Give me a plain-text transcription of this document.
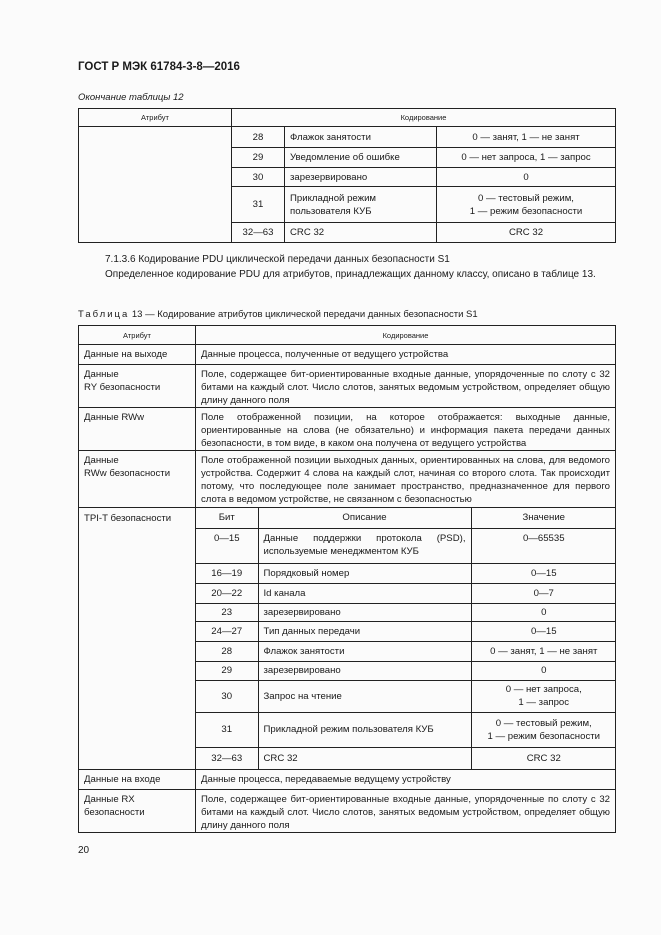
ГОСТ Р МЭК 61784-3-8—2016
Окончание таблицы 12
Атрибут	Кодирование		
	28	Флажок занятости	0 — занят, 1 — не занят
	29	Уведомление об ошибке	0 — нет запроса, 1 — запрос
	30	зарезервировано	0
	31	Прикладной режим пользователя КУБ	0 — тестовый режим,
1 — режим безопасности
	32—63	CRC 32	CRC 32
7.1.3.6 Кодирование PDU циклической передачи данных безопасности S1
Определенное кодирование PDU для атрибутов, принадлежащих данному классу, описано в таблице 13.
Таблица 13 — Кодирование атрибутов циклической передачи данных безопасности S1
Атрибут	Кодирование
Данные на выходе	Данные процесса, полученные от ведущего устройства
Данные
RY безопасности	Поле, содержащее бит-ориентированные входные данные, упорядоченные по слоту с 32 битами на каждый слот. Число слотов, занятых ведомым устройством, определяет общую длину данного поля
Данные RWw	Поле отображенной позиции, на которое отображается: выходные данные, ориентированные на слова (не обязательно) и информация пакета передачи данных безопасности, в том виде, в каком она получена от ведущего устройства
Данные
RWw безопасности	Поле отображенной позиции выходных данных, ориентированных на слова, для ведомого устройства. Содержит 4 слова на каждый слот, начиная со второго слота. Так происходит потому, что последующее поле занимает пространство, предназначенное для первого слота в ведомом устройстве, не связанном с безопасностью
TPI-T безопасности		Бит	Описание	Значение
0—15	Данные поддержки протокола (PSD), используемые менеджментом КУБ	0—65535
16—19	Порядковый номер	0—15
20—22	Id канала	0—7
23	зарезервировано	0
24—27	Тип данных передачи	0—15
28	Флажок занятости	0 — занят, 1 — не занят
29	зарезервировано	0
30	Запрос на чтение	0 — нет запроса,
1 — запрос
31	Прикладной режим пользователя КУБ	0 — тестовый режим,
1 — режим безопасности
32—63	CRC 32	CRC 32

Данные на входе	Данные процесса, передаваемые ведущему устройству
Данные RX
безопасности	Поле, содержащее бит-ориентированные входные данные, упорядоченные по слоту с 32 битами на каждый слот. Число слотов, занятых ведомым устройством, определяет общую длину данного поля
20
